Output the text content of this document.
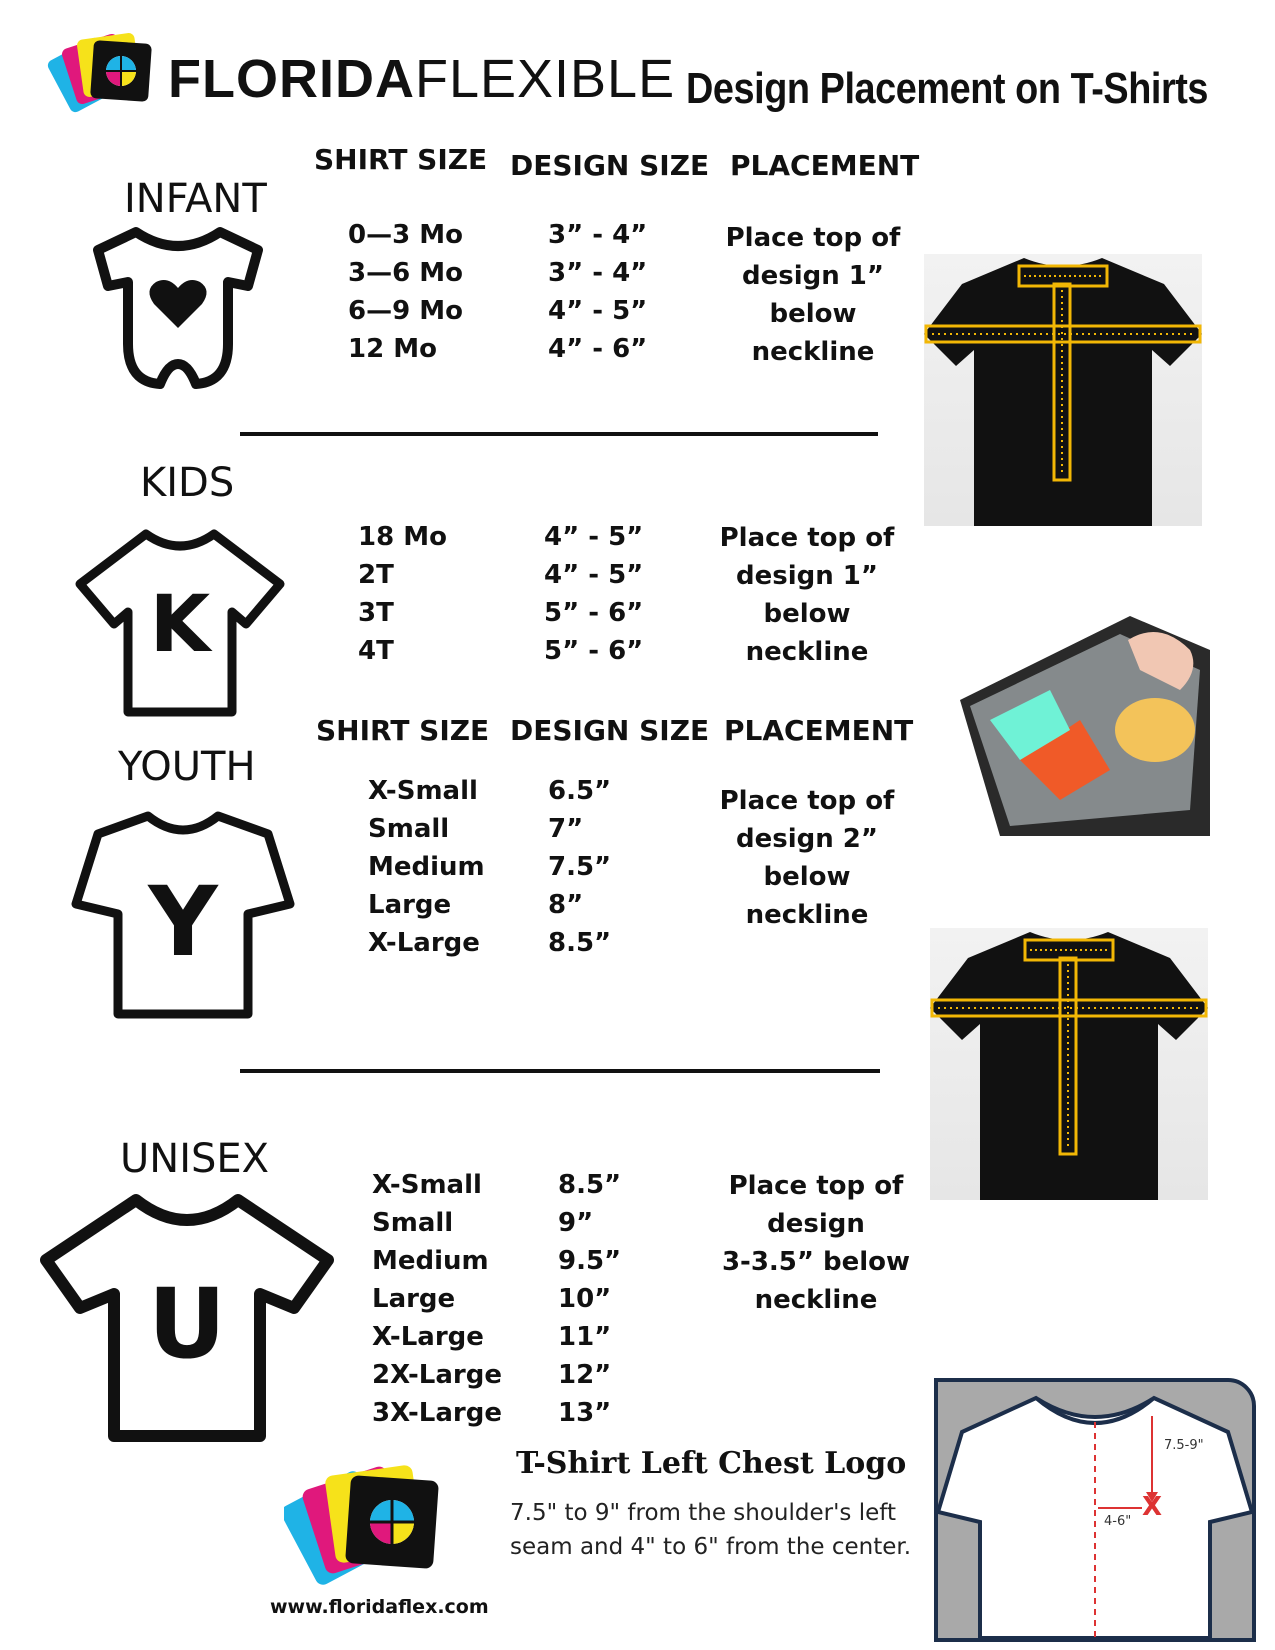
FLORIDAFLEXIBLE Design Placement on T-Shirts
SHIRT SIZE DESIGN SIZE PLACEMENT
INFANT
0—3 Mo
3—6 Mo
6—9 Mo
12 Mo
3” - 4”
3” - 4”
4” - 5”
4” - 6”
Place top of
design 1”
below
neckline
KIDS
K
18 Mo
2T
3T
4T
4” - 5”
4” - 5”
5” - 6”
5” - 6”
Place top of
design 1”
below
neckline
SHIRT SIZE DESIGN SIZE PLACEMENT
YOUTH
Y
X-Small
Small
Medium
Large
X-Large
6.5”
7”
7.5”
8”
8.5”
Place top of
design 2”
below
neckline
UNISEX
U
X-Small
Small
Medium
Large
X-Large
2X-Large
3X-Large
8.5”
9”
9.5”
10”
11”
12”
13”
Place top of
design
3-3.5” below
neckline
www.floridaflex.com
T-Shirt Left Chest Logo
7.5" to 9" from the shoulder's left
seam and 4" to 6" from the center.
7.5-9"
4-6" X
